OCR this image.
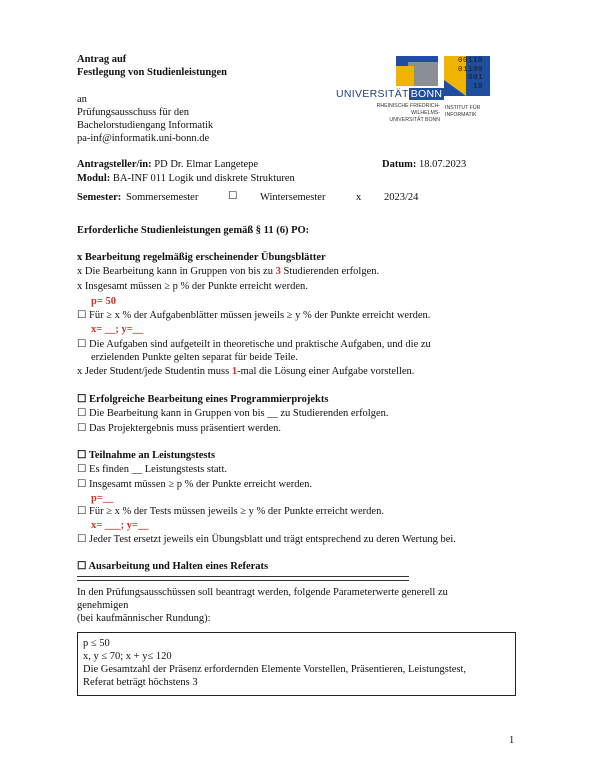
Antrag auf
Festlegung von Studienleistungen
an
Prüfungsausschuss für den
Bachelorstudiengang Informatik
pa-inf@informatik.uni-bonn.de
UNIVERSITÄT BONN
RHEINISCHE FRIEDRICH-WILHELMS- UNIVERSITÄT BONN
00110
01100
001
10
INSTITUT FÜR INFORMATIK
Antragsteller/in: PD Dr. Elmar Langetepe	Datum: 18.07.2023
Modul: BA-INF 011 Logik und diskrete Strukturen
Semester: Sommersemester	☐ Wintersemester	x 2023/24
Erforderliche Studienleistungen gemäß § 11 (6) PO:
x Bearbeitung regelmäßig erscheinender Übungsblätter
x Die Bearbeitung kann in Gruppen von bis zu 3 Studierenden erfolgen.
x Insgesamt müssen ≥ p % der Punkte erreicht werden.
p= 50
☐ Für ≥ x % der Aufgabenblätter müssen jeweils ≥ y % der Punkte erreicht werden.
x= __; y=__
☐ Die Aufgaben sind aufgeteilt in theoretische und praktische Aufgaben, und die zu
erzielenden Punkte gelten separat für beide Teile.
x Jeder Student/jede Studentin muss 1-mal die Lösung einer Aufgabe vorstellen.
☐ Erfolgreiche Bearbeitung eines Programmierprojekts
☐ Die Bearbeitung kann in Gruppen von bis __ zu Studierenden erfolgen.
☐ Das Projektergebnis muss präsentiert werden.
☐ Teilnahme an Leistungstests
☐ Es finden __ Leistungstests statt.
☐ Insgesamt müssen ≥ p % der Punkte erreicht werden.
p=__
☐ Für ≥ x % der Tests müssen jeweils ≥ y % der Punkte erreicht werden.
x= ___; y=__
☐ Jeder Test ersetzt jeweils ein Übungsblatt und trägt entsprechend zu deren Wertung bei.
☐ Ausarbeitung und Halten eines Referats
In den Prüfungsausschüssen soll beantragt werden, folgende Parameterwerte generell zu
genehmigen
(bei kaufmännischer Rundung):
p ≤ 50
x, y ≤ 70; x + y≤ 120
Die Gesamtzahl der Präsenz erfordernden Elemente Vorstellen, Präsentieren, Leistungstest,
Referat beträgt höchstens 3
1
